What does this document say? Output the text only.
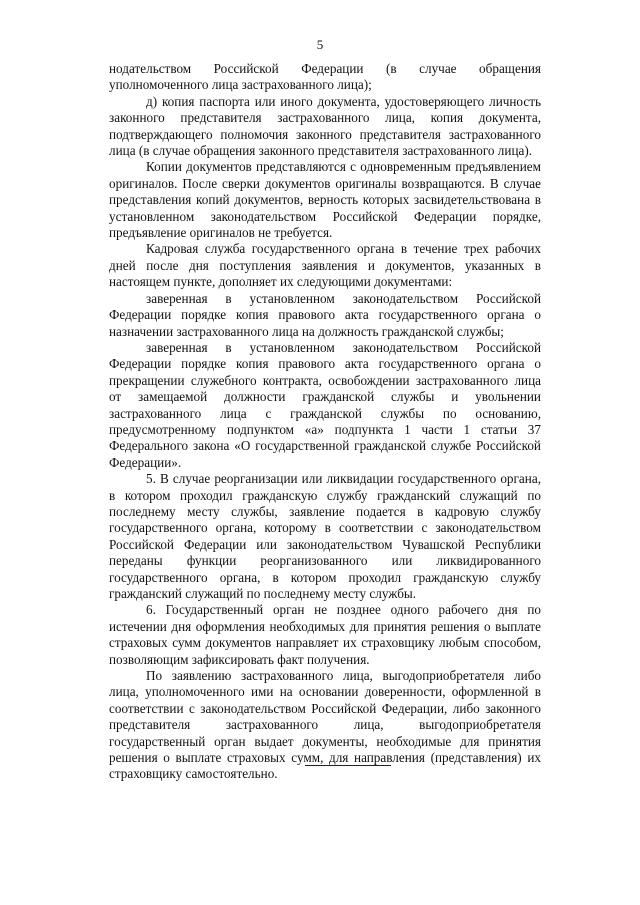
5

нодательством Российской Федерации (в случае обращения уполномоченного лица застрахованного лица);

д) копия паспорта или иного документа, удостоверяющего личность законного представителя застрахованного лица, копия документа, подтверждающего полномочия законного представителя застрахованного лица (в случае обращения законного представителя застрахованного лица).

Копии документов представляются с одновременным предъявлением оригиналов. После сверки документов оригиналы возвращаются. В случае представления копий документов, верность которых засвидетельствована в установленном законодательством Российской Федерации порядке, предъявление оригиналов не требуется.

Кадровая служба государственного органа в течение трех рабочих дней после дня поступления заявления и документов, указанных в настоящем пункте, дополняет их следующими документами:

заверенная в установленном законодательством Российской Федерации порядке копия правового акта государственного органа о назначении застрахованного лица на должность гражданской службы;

заверенная в установленном законодательством Российской Федерации порядке копия правового акта государственного органа о прекращении служебного контракта, освобождении застрахованного лица от замещаемой должности гражданской службы и увольнении застрахованного лица с гражданской службы по основанию, предусмотренному подпунктом «а» подпункта 1 части 1 статьи 37 Федерального закона «О государственной гражданской службе Российской Федерации».

5. В случае реорганизации или ликвидации государственного органа, в котором проходил гражданскую службу гражданский служащий по последнему месту службы, заявление подается в кадровую службу государственного органа, которому в соответствии с законодательством Российской Федерации или законодательством Чувашской Республики переданы функции реорганизованного или ликвидированного государственного органа, в котором проходил гражданскую службу гражданский служащий по последнему месту службы.

6. Государственный орган не позднее одного рабочего дня по истечении дня оформления необходимых для принятия решения о выплате страховых сумм документов направляет их страховщику любым способом, позволяющим зафиксировать факт получения.

По заявлению застрахованного лица, выгодоприобретателя либо лица, уполномоченного ими на основании доверенности, оформленной в соответствии с законодательством Российской Федерации, либо законного представителя застрахованного лица, выгодоприобретателя государственный орган выдает документы, необходимые для принятия решения о выплате страховых сумм, для направления (представления) их страховщику самостоятельно.
